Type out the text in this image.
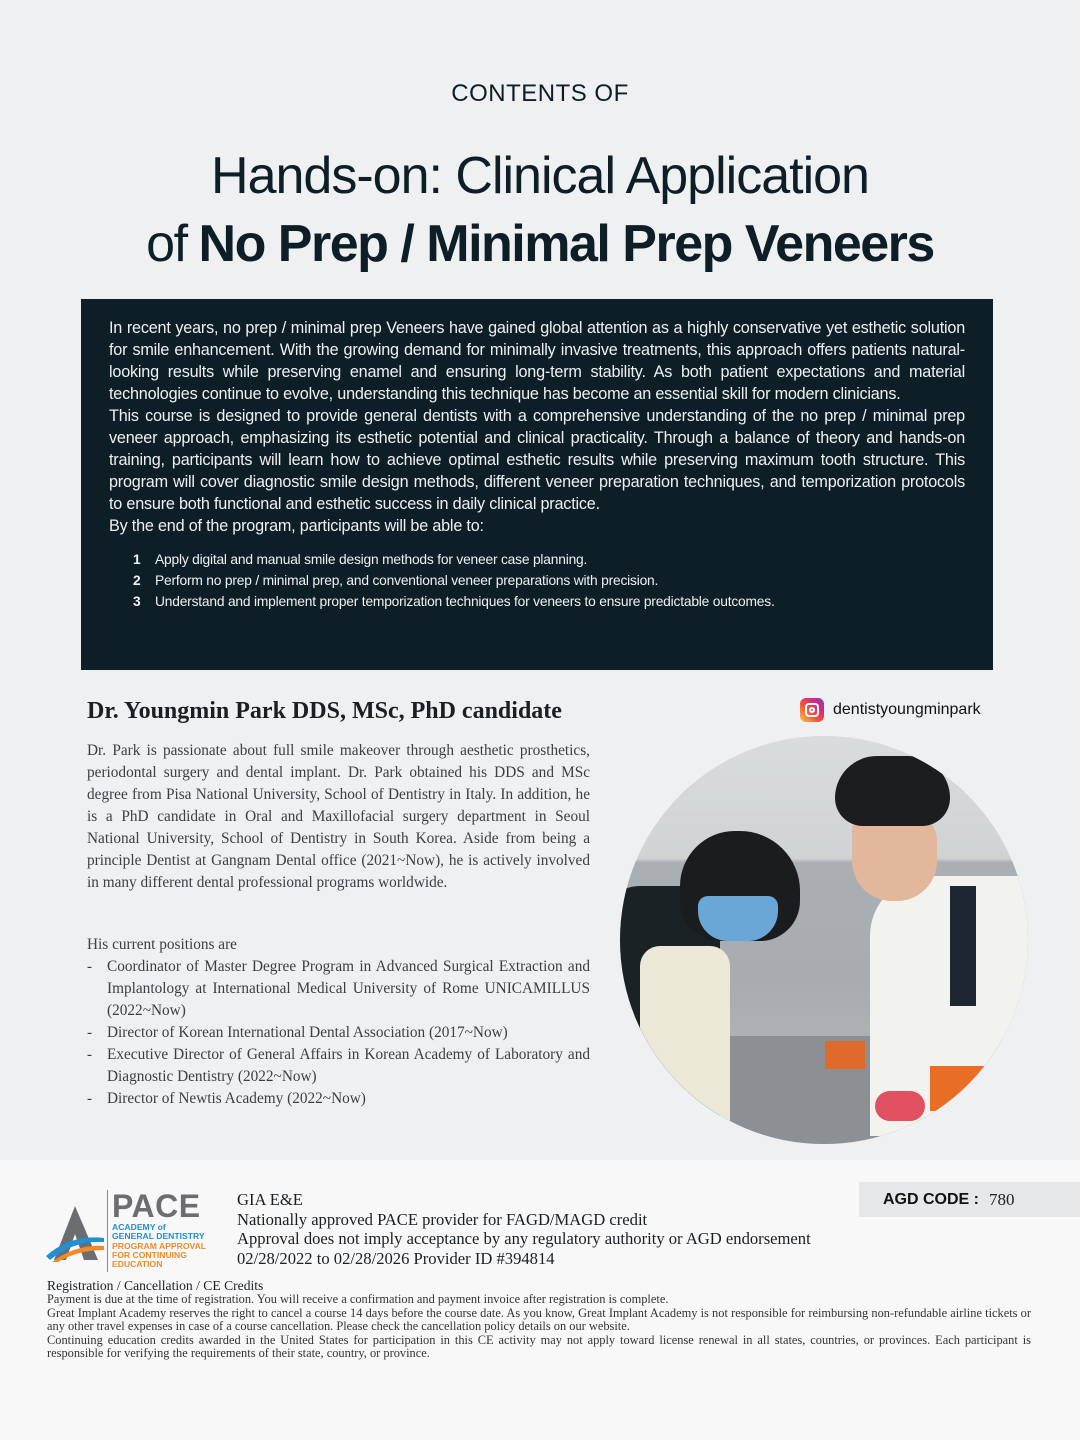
CONTENTS OF
Hands-on: Clinical Application
of No Prep / Minimal Prep Veneers

In recent years, no prep / minimal prep Veneers have gained global attention as a highly conservative yet esthetic solution for smile enhancement. With the growing demand for minimally invasive treatments, this approach offers patients natural-looking results while preserving enamel and ensuring long-term stability. As both patient expectations and material technologies continue to evolve, understanding this technique has become an essential skill for modern clinicians.

This course is designed to provide general dentists with a comprehensive understanding of the no prep / minimal prep veneer approach, emphasizing its esthetic potential and clinical practicality. Through a balance of theory and hands-on training, participants will learn how to achieve optimal esthetic results while preserving maximum tooth structure. This program will cover diagnostic smile design methods, different veneer preparation techniques, and temporization protocols to ensure both functional and esthetic success in daily clinical practice.

By the end of the program, participants will be able to:

1 Apply digital and manual smile design methods for veneer case planning.
2 Perform no prep / minimal prep, and conventional veneer preparations with precision.
3 Understand and implement proper temporization techniques for veneers to ensure predictable outcomes.
Dr. Youngmin Park DDS, MSc, PhD candidate	dentistyoungminpark

Dr. Park is passionate about full smile makeover through aesthetic prosthetics, periodontal surgery and dental implant. Dr. Park obtained his DDS and MSc degree from Pisa National University, School of Dentistry in Italy. In addition, he is a PhD candidate in Oral and Maxillofacial surgery department in Seoul National University, School of Dentistry in South Korea. Aside from being a principle Dentist at Gangnam Dental office (2021~Now), he is actively involved in many different dental professional programs worldwide.

His current positions are
- Coordinator of Master Degree Program in Advanced Surgical Extraction and Implantology at International Medical University of Rome UNICAMILLUS (2022~Now)
- Director of Korean International Dental Association (2017~Now)
- Executive Director of General Affairs in Korean Academy of Laboratory and Diagnostic Dentistry (2022~Now)
- Director of Newtis Academy (2022~Now)
PACE
ACADEMY of
GENERAL DENTISTRY
PROGRAM APPROVAL
FOR CONTINUING
EDUCATION
GIA E&E
Nationally approved PACE provider for FAGD/MAGD credit
Approval does not imply acceptance by any regulatory authority or AGD endorsement
02/28/2022 to 02/28/2026 Provider ID #394814
AGD CODE : 780
Registration / Cancellation / CE Credits

Payment is due at the time of registration. You will receive a confirmation and payment invoice after registration is complete.

Great Implant Academy reserves the right to cancel a course 14 days before the course date. As you know, Great Implant Academy is not responsible for reimbursing non-refundable airline tickets or any other travel expenses in case of a course cancellation. Please check the cancellation policy details on our website.

Continuing education credits awarded in the United States for participation in this CE activity may not apply toward license renewal in all states, countries, or provinces. Each participant is responsible for verifying the requirements of their state, country, or province.
